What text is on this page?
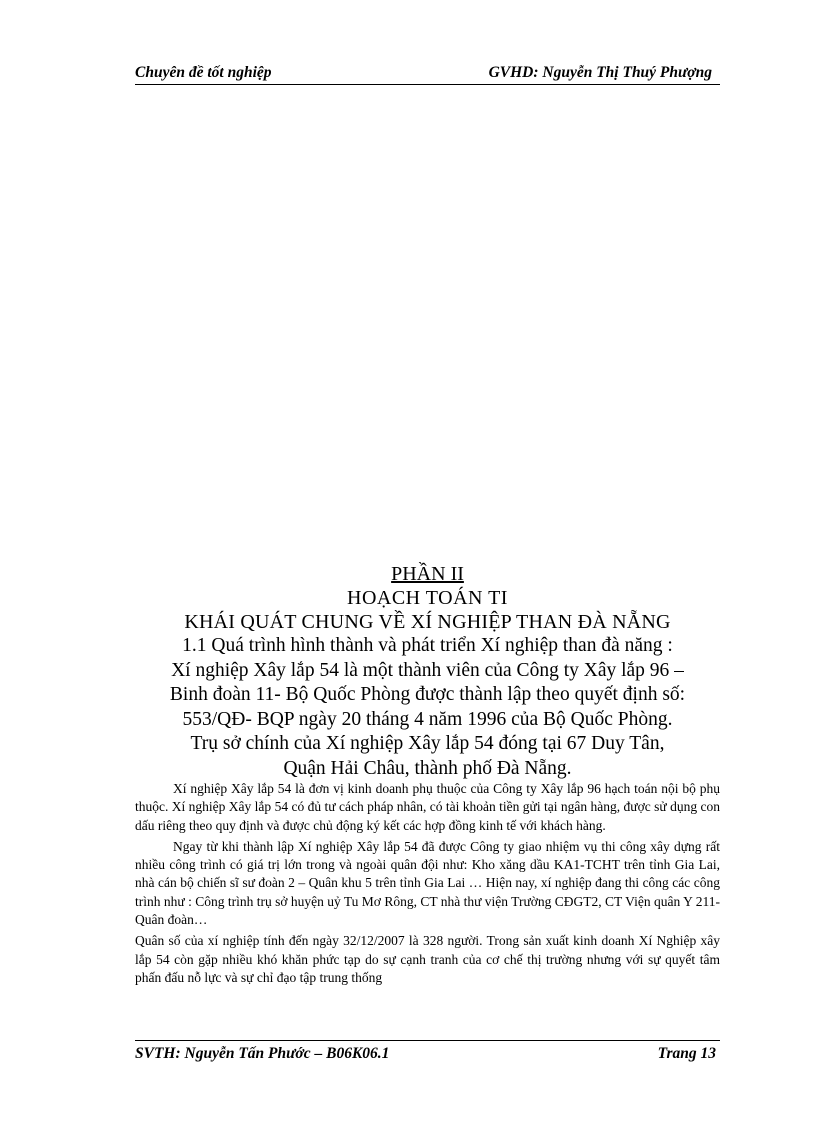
Chuyên đề tốt nghiệp	GVHD: Nguyễn Thị Thuý Phượng
PHẦN II
HOẠCH TOÁN TI
KHÁI QUÁT CHUNG VỀ XÍ NGHIỆP THAN ĐÀ NẴNG
1.1 Quá trình hình thành và phát triển Xí nghiệp than đà năng :
Xí nghiệp Xây lắp 54 là một thành viên của Công ty Xây lắp 96 –
Binh đoàn 11- Bộ Quốc Phòng được thành lập theo quyết định số:
553/QĐ- BQP ngày 20 tháng 4 năm 1996 của Bộ Quốc Phòng.
Trụ sở chính của Xí nghiệp Xây lắp 54 đóng tại 67 Duy Tân,
Quận Hải Châu, thành phố Đà Nẵng.

Xí nghiệp Xây lắp 54 là đơn vị kinh doanh phụ thuộc của Công ty Xây lắp 96 hạch toán nội bộ phụ thuộc. Xí nghiệp Xây lắp 54 có đủ tư cách pháp nhân, có tài khoản tiền gửi tại ngân hàng, được sử dụng con dấu riêng theo quy định và được chủ động ký kết các hợp đồng kinh tế với khách hàng.

Ngay từ khi thành lập Xí nghiệp Xây lắp 54 đã được Công ty giao nhiệm vụ thi công xây dựng rất nhiều công trình có giá trị lớn trong và ngoài quân đội như: Kho xăng dầu KA1-TCHT trên tỉnh Gia Lai, nhà cán bộ chiến sĩ sư đoàn 2 – Quân khu 5 trên tỉnh Gia Lai … Hiện nay, xí nghiệp đang thi công các công trình như : Công trình trụ sở huyện uỷ Tu Mơ Rông, CT nhà thư viện Trường CĐGT2, CT Viện quân Y 211- Quân đoàn…

Quân số của xí nghiệp tính đến ngày 32/12/2007 là 328 người. Trong sản xuất kinh doanh Xí Nghiệp xây lắp 54 còn gặp nhiều khó khăn phức tạp do sự cạnh tranh của cơ chế thị trường nhưng với sự quyết tâm phấn đấu nỗ lực và sự chỉ đạo tập trung thống

SVTH: Nguyễn Tấn Phước – B06K06.1	Trang 13
